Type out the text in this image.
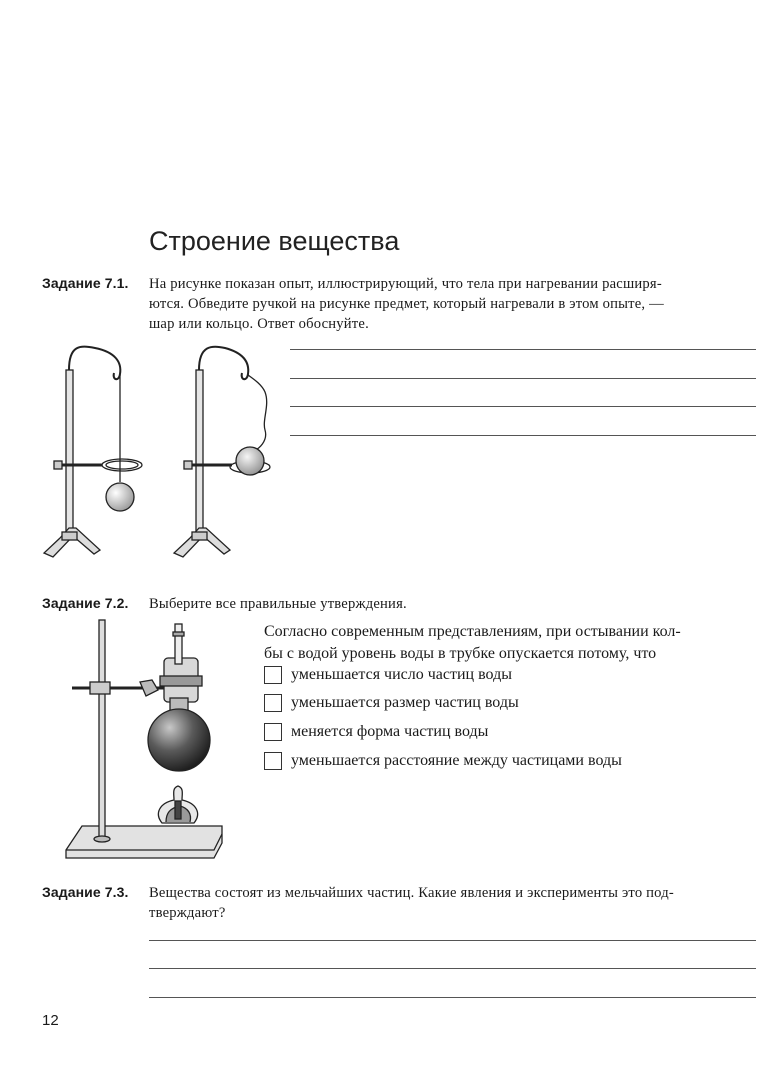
Строение вещества
Задание 7.1. На рисунке показан опыт, иллюстрирующий, что тела при нагревании расширя-
ются. Обведите ручкой на рисунке предмет, который нагревали в этом опыте, —
шар или кольцо. Ответ обоснуйте.
Задание 7.2. Выберите все правильные утверждения.
Согласно современным представлениям, при остывании кол-
бы с водой уровень воды в трубке опускается потому, что
уменьшается число частиц воды
уменьшается размер частиц воды
меняется форма частиц воды
уменьшается расстояние между частицами воды
Задание 7.3. Вещества состоят из мельчайших частиц. Какие явления и эксперименты это под-
тверждают?
12
